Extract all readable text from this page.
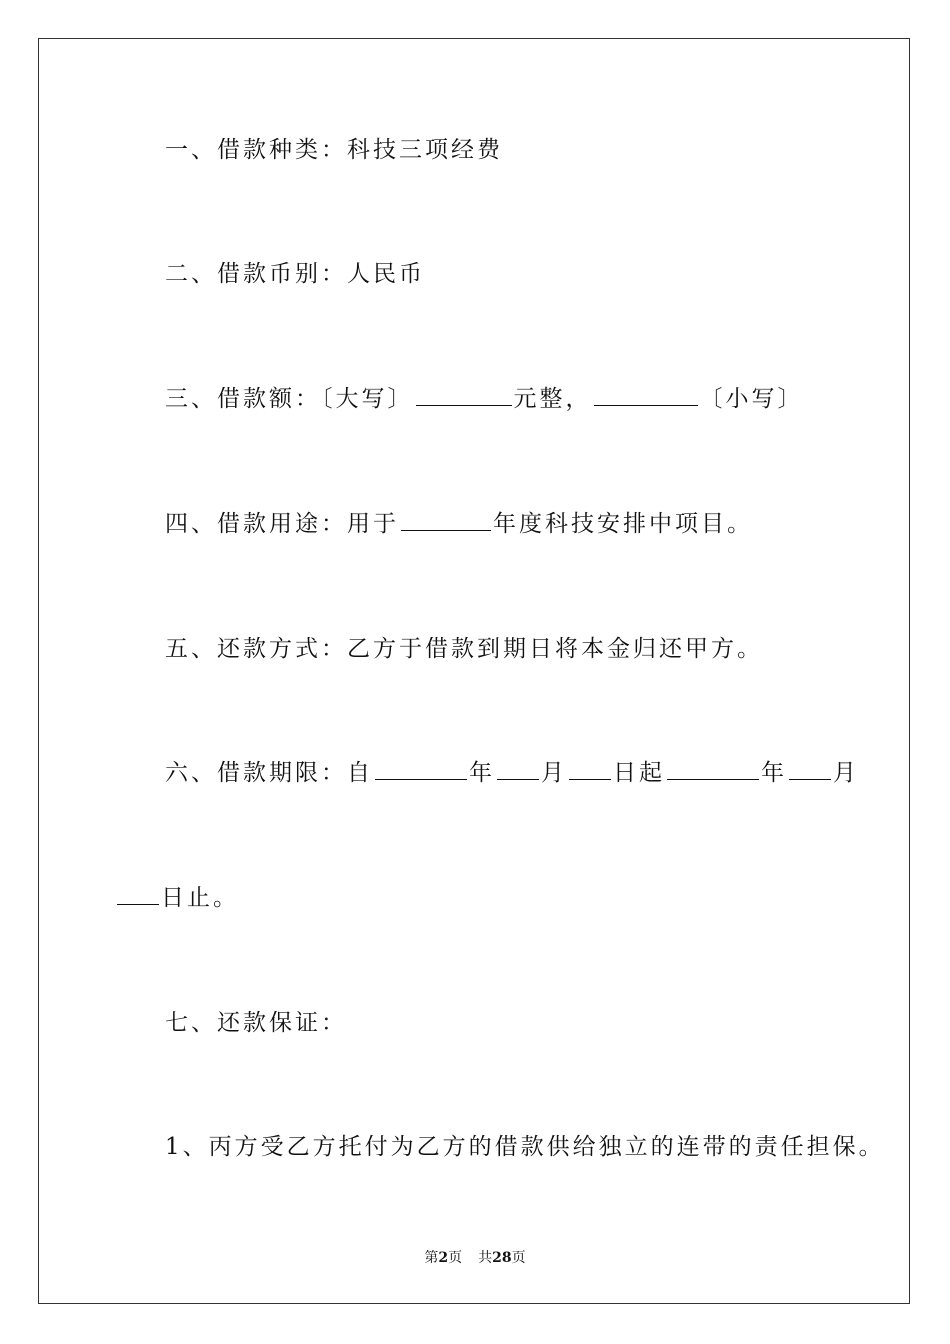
一、借款种类：科技三项经费
二、借款币别：人民币
三、借款额：〔大写〕	元整，	〔小写〕
四、借款用途：用于	年度科技安排中项目。
五、还款方式：乙方于借款到期日将本金归还甲方。
六、借款期限：自	年 月 日起	年 月
日止。
七、还款保证：
1、丙方受乙方托付为乙方的借款供给独立的连带的责任担保。
第2页 共28页
